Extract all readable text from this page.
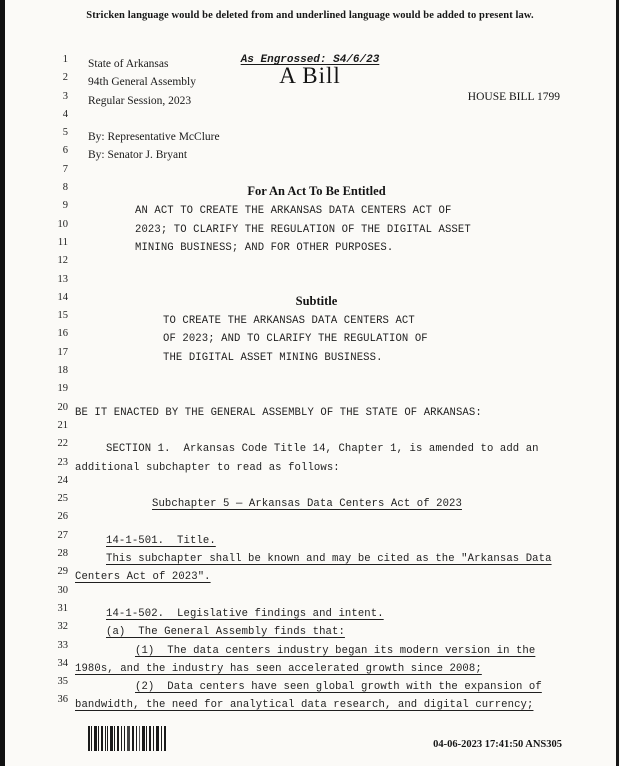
Stricken language would be deleted from and underlined language would be added to present law.
As Engrossed: S4/6/23
A Bill
HOUSE BILL 1799
1 State of Arkansas
2 94th General Assembly
3 Regular Session, 2023
4
5 By: Representative McClure
6 By: Senator J. Bryant
7
8	For An Act To Be Entitled
9	AN ACT TO CREATE THE ARKANSAS DATA CENTERS ACT OF
10	2023; TO CLARIFY THE REGULATION OF THE DIGITAL ASSET
11	MINING BUSINESS; AND FOR OTHER PURPOSES.
12
13
14	Subtitle
15	TO CREATE THE ARKANSAS DATA CENTERS ACT
16	OF 2023; AND TO CLARIFY THE REGULATION OF
17	THE DIGITAL ASSET MINING BUSINESS.
18
19
20 BE IT ENACTED BY THE GENERAL ASSEMBLY OF THE STATE OF ARKANSAS:
21
22	SECTION 1.  Arkansas Code Title 14, Chapter 1, is amended to add an
23 additional subchapter to read as follows:
24
25	Subchapter 5 — Arkansas Data Centers Act of 2023
26
27	14-1-501.  Title.
28	This subchapter shall be known and may be cited as the "Arkansas Data
29 Centers Act of 2023".
30
31	14-1-502.  Legislative findings and intent.
32	(a)  The General Assembly finds that:
33	(1)  The data centers industry began its modern version in the
34 1980s, and the industry has seen accelerated growth since 2008;
35	(2)  Data centers have seen global growth with the expansion of
36 bandwidth, the need for analytical data research, and digital currency;
04-06-2023 17:41:50 ANS305
